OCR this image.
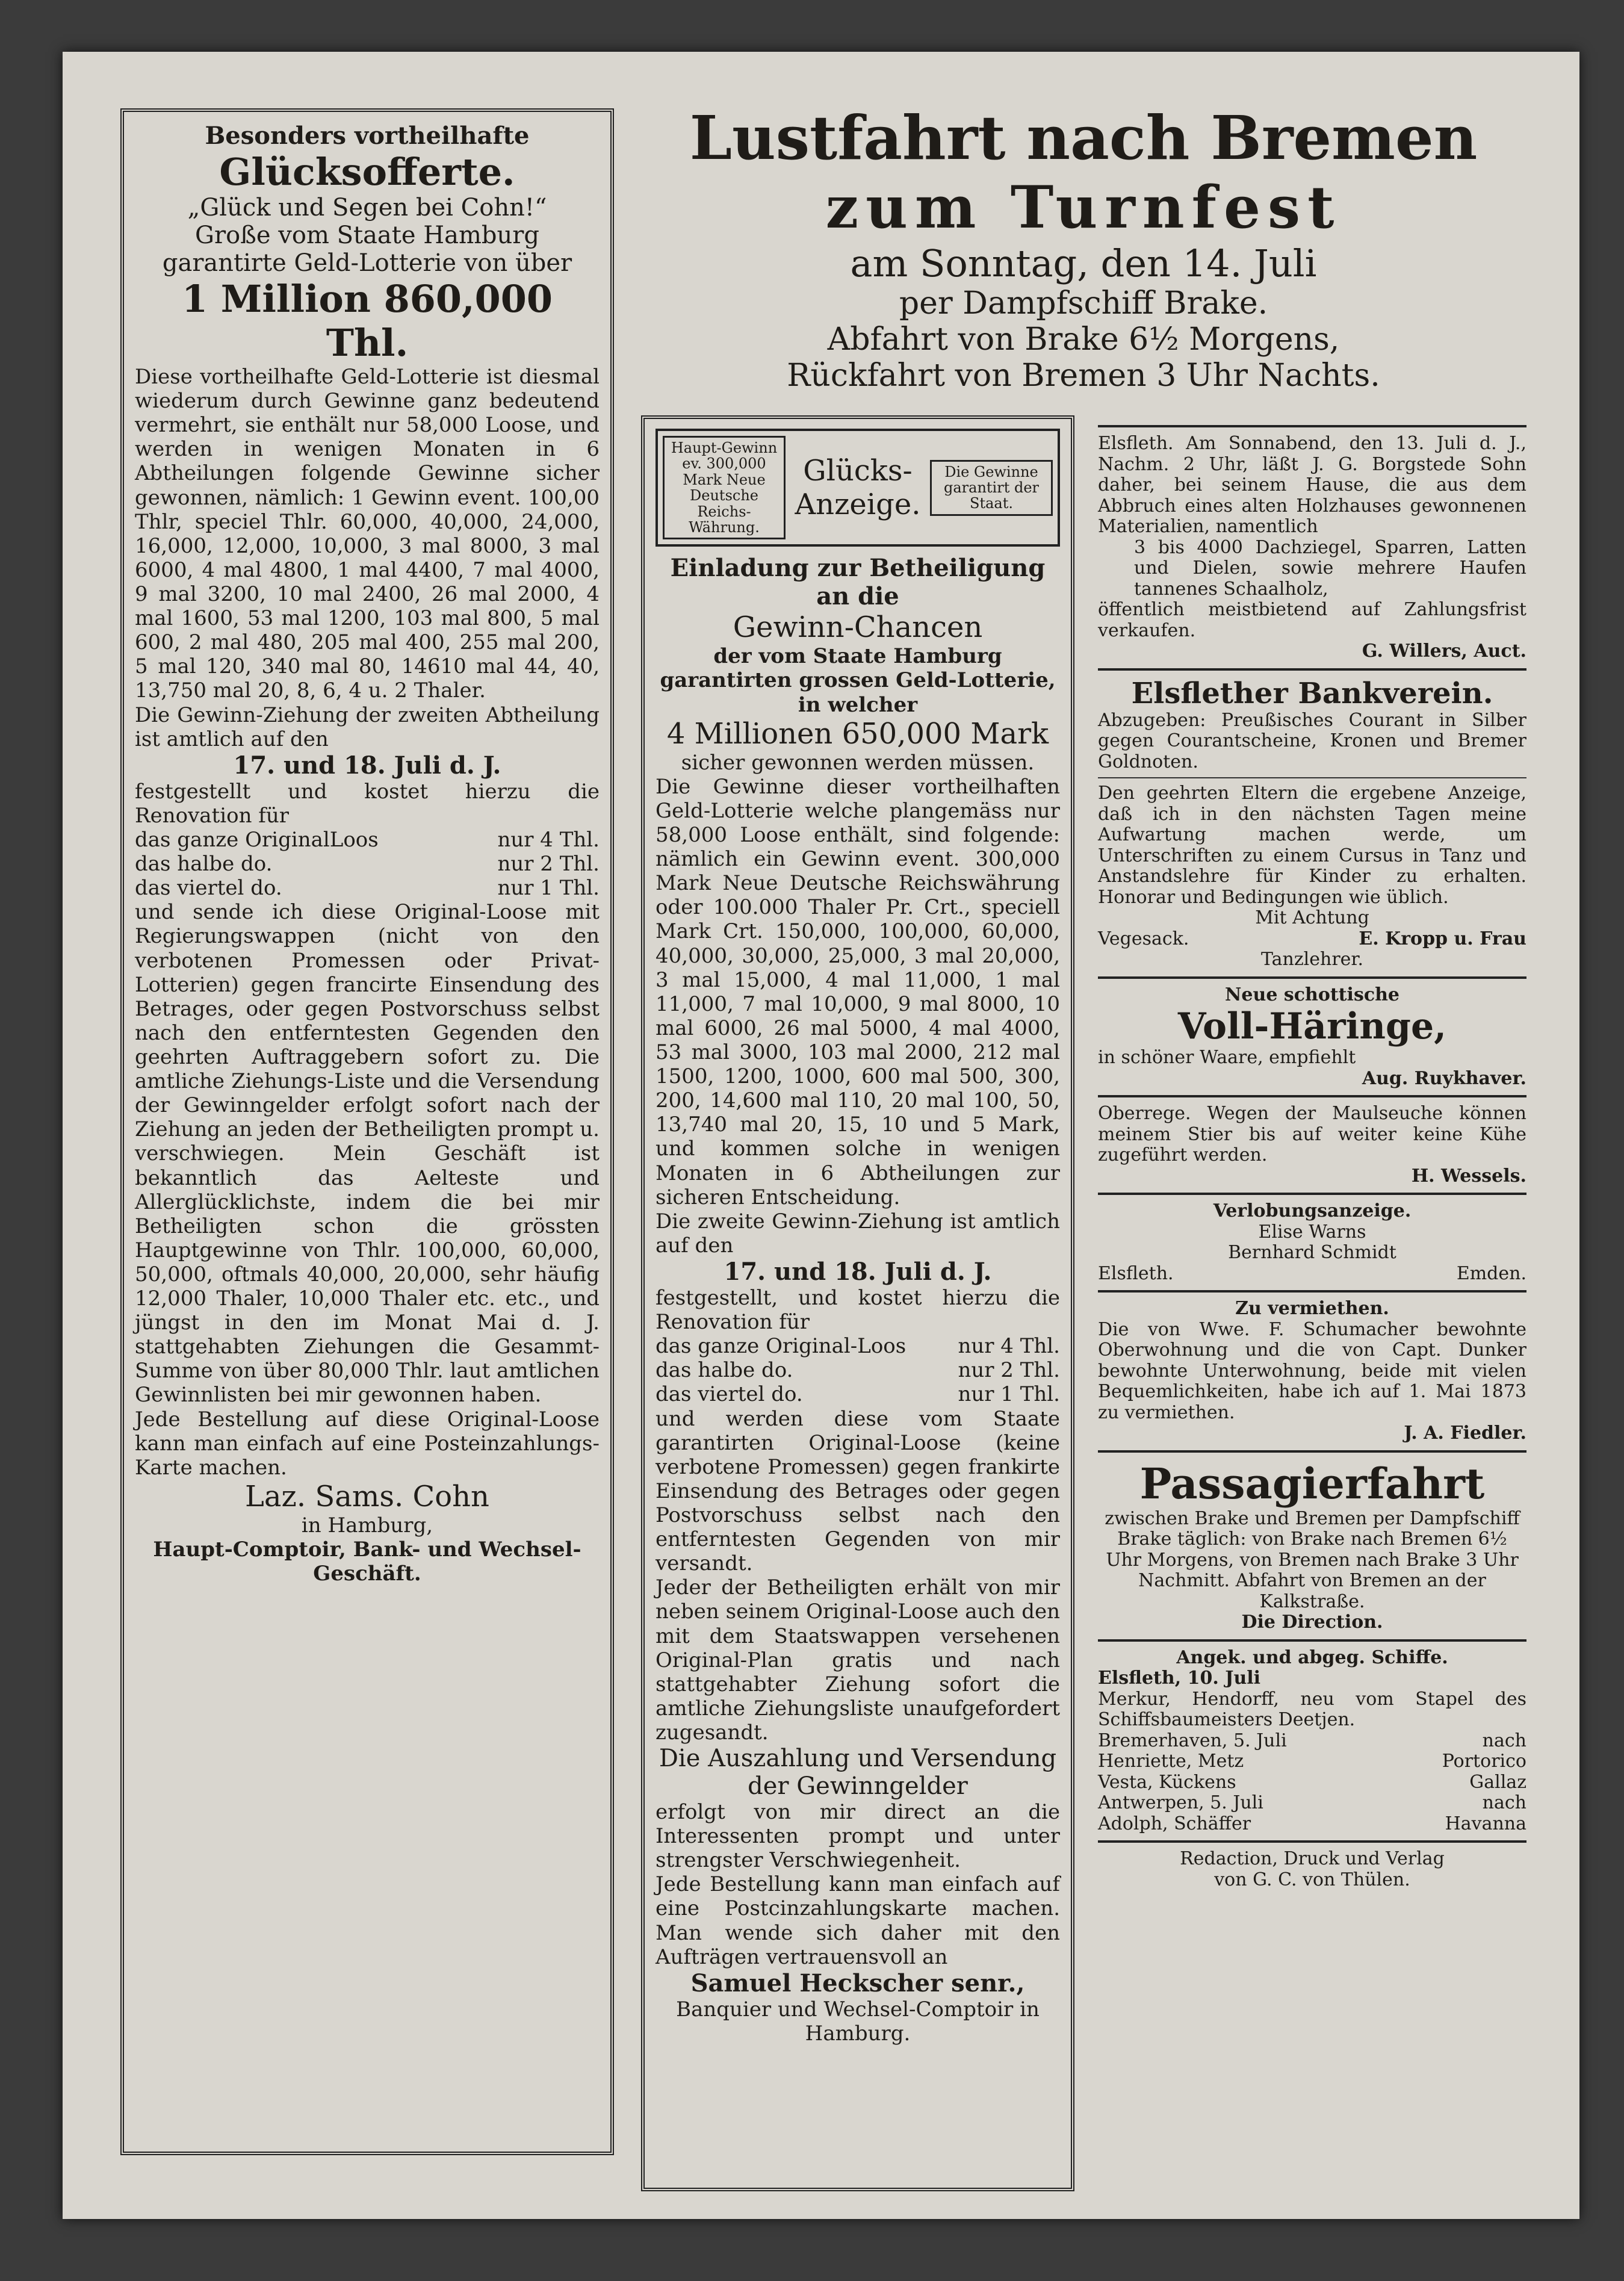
Besonders vortheilhafte

Glücksofferte.

„Glück und Segen bei Cohn!“

Große vom Staate Hamburg garantirte Geld-Lotterie von über

1 Million 860,000 Thl.

Diese vortheilhafte Geld-Lotterie ist diesmal wiederum durch Gewinne ganz bedeutend vermehrt, sie enthält nur 58,000 Loose, und werden in wenigen Monaten in 6 Abtheilungen folgende Gewinne sicher gewonnen, nämlich: 1 Gewinn event. 100,00 Thlr, speciel Thlr. 60,000, 40,000, 24,000, 16,000, 12,000, 10,000, 3 mal 8000, 3 mal 6000, 4 mal 4800, 1 mal 4400, 7 mal 4000, 9 mal 3200, 10 mal 2400, 26 mal 2000, 4 mal 1600, 53 mal 1200, 103 mal 800, 5 mal 600, 2 mal 480, 205 mal 400, 255 mal 200, 5 mal 120, 340 mal 80, 14610 mal 44, 40, 13,750 mal 20, 8, 6, 4 u. 2 Thaler.

Die Gewinn-Ziehung der zweiten Abtheilung ist amtlich auf den

17. und 18. Juli d. J.

festgestellt und kostet hierzu die Renovation für

das ganze OriginalLoos	nur 4 Thl.
das halbe do.	nur 2 Thl.
das viertel do.	nur 1 Thl.

und sende ich diese Original-Loose mit Regierungswappen (nicht von den verbotenen Promessen oder Privat-Lotterien) gegen francirte Einsendung des Betrages, oder gegen Postvorschuss selbst nach den entferntesten Gegenden den geehrten Auftraggebern sofort zu. Die amtliche Ziehungs-Liste und die Versendung der Gewinngelder erfolgt sofort nach der Ziehung an jeden der Betheiligten prompt u. verschwiegen. Mein Geschäft ist bekanntlich das Aelteste und Allerglücklichste, indem die bei mir Betheiligten schon die grössten Hauptgewinne von Thlr. 100,000, 60,000, 50,000, oftmals 40,000, 20,000, sehr häufig 12,000 Thaler, 10,000 Thaler etc. etc., und jüngst in den im Monat Mai d. J. stattgehabten Ziehungen die Gesammt-Summe von über 80,000 Thlr. laut amtlichen Gewinnlisten bei mir gewonnen haben.

Jede Bestellung auf diese Original-Loose kann man einfach auf eine Posteinzahlungs-Karte machen.

Laz. Sams. Cohn

in Hamburg,

Haupt-Comptoir, Bank- und Wechsel-Geschäft.

Lustfahrt nach Bremen

zum Turnfest

am Sonntag, den 14. Juli

per Dampfschiff Brake.

Abfahrt von Brake 6½ Morgens,

Rückfahrt von Bremen 3 Uhr Nachts.

Haupt-Gewinn ev. 300,000 Mark Neue Deutsche Reichs-Währung.
Glücks-Anzeige.
Die Gewinne garantirt der Staat.

Einladung zur Betheiligung an die

Gewinn-Chancen

der vom Staate Hamburg garantirten grossen Geld-Lotterie, in welcher

4 Millionen 650,000 Mark

sicher gewonnen werden müssen.

Die Gewinne dieser vortheilhaften Geld-Lotterie welche plangemäss nur 58,000 Loose enthält, sind folgende: nämlich ein Gewinn event. 300,000 Mark Neue Deutsche Reichswährung oder 100.000 Thaler Pr. Crt., speciell Mark Crt. 150,000, 100,000, 60,000, 40,000, 30,000, 25,000, 3 mal 20,000, 3 mal 15,000, 4 mal 11,000, 1 mal 11,000, 7 mal 10,000, 9 mal 8000, 10 mal 6000, 26 mal 5000, 4 mal 4000, 53 mal 3000, 103 mal 2000, 212 mal 1500, 1200, 1000, 600 mal 500, 300, 200, 14,600 mal 110, 20 mal 100, 50, 13,740 mal 20, 15, 10 und 5 Mark, und kommen solche in wenigen Monaten in 6 Abtheilungen zur sicheren Entscheidung.

Die zweite Gewinn-Ziehung ist amtlich auf den

17. und 18. Juli d. J.

festgestellt, und kostet hierzu die Renovation für

das ganze Original-Loos	nur 4 Thl.
das halbe do.	nur 2 Thl.
das viertel do.	nur 1 Thl.

und werden diese vom Staate garantirten Original-Loose (keine verbotene Promessen) gegen frankirte Einsendung des Betrages oder gegen Postvorschuss selbst nach den entferntesten Gegenden von mir versandt.

Jeder der Betheiligten erhält von mir neben seinem Original-Loose auch den mit dem Staatswappen versehenen Original-Plan gratis und nach stattgehabter Ziehung sofort die amtliche Ziehungsliste unaufgefordert zugesandt.

Die Auszahlung und Versendung der Gewinngelder

erfolgt von mir direct an die Interessenten prompt und unter strengster Verschwiegenheit.

Jede Bestellung kann man einfach auf eine Postcinzahlungskarte machen. Man wende sich daher mit den Aufträgen vertrauensvoll an

Samuel Heckscher senr.,

Banquier und Wechsel-Comptoir in Hamburg.

Elsfleth. Am Sonnabend, den 13. Juli d. J., Nachm. 2 Uhr, läßt J. G. Borgstede Sohn daher, bei seinem Hause, die aus dem Abbruch eines alten Holzhauses gewonnenen Materialien, namentlich

3 bis 4000 Dachziegel, Sparren, Latten und Dielen, sowie mehrere Haufen tannenes Schaalholz,

öffentlich meistbietend auf Zahlungsfrist verkaufen.

G. Willers, Auct.

Elsflether Bankverein.

Abzugeben: Preußisches Courant in Silber gegen Courantscheine, Kronen und Bremer Goldnoten.

Den geehrten Eltern die ergebene Anzeige, daß ich in den nächsten Tagen meine Aufwartung machen werde, um Unterschriften zu einem Cursus in Tanz und Anstandslehre für Kinder zu erhalten. Honorar und Bedingungen wie üblich.

Mit Achtung

Vegesack.	E. Kropp u. Frau

Tanzlehrer.

Neue schottische

Voll-Häringe,

in schöner Waare, empfiehlt

Aug. Ruykhaver.

Oberrege. Wegen der Maulseuche können meinem Stier bis auf weiter keine Kühe zugeführt werden.

H. Wessels.

Verlobungsanzeige.

Elise Warns

Bernhard Schmidt

Elsfleth.	Emden.

Zu vermiethen.

Die von Wwe. F. Schumacher bewohnte Oberwohnung und die von Capt. Dunker bewohnte Unterwohnung, beide mit vielen Bequemlichkeiten, habe ich auf 1. Mai 1873 zu vermiethen.

J. A. Fiedler.

Passagierfahrt

zwischen Brake und Bremen per Dampfschiff Brake täglich: von Brake nach Bremen 6½ Uhr Morgens, von Bremen nach Brake 3 Uhr Nachmitt. Abfahrt von Bremen an der Kalkstraße.

Die Direction.

Angek. und abgeg. Schiffe.

Elsfleth, 10. Juli

Merkur, Hendorff, neu vom Stapel des Schiffsbaumeisters Deetjen.

Bremerhaven, 5. Juli	nach
Henriette, Metz	Portorico
Vesta, Kückens	Gallaz
Antwerpen, 5. Juli	nach
Adolph, Schäffer	Havanna

Redaction, Druck und Verlag

von G. C. von Thülen.
